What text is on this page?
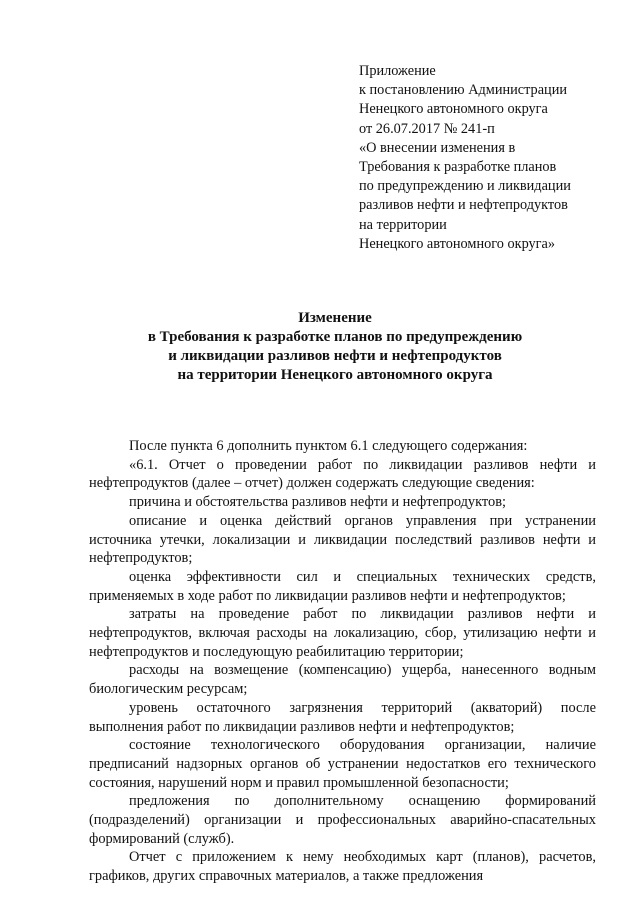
Приложение
к постановлению Администрации
Ненецкого автономного округа
от 26.07.2017 № 241-п
«О внесении изменения в
Требования к разработке планов
по предупреждению и ликвидации
разливов нефти и нефтепродуктов
на территории
Ненецкого автономного округа»
Изменение
в Требования к разработке планов по предупреждению
и ликвидации разливов нефти и нефтепродуктов
на территории Ненецкого автономного округа

После пункта 6 дополнить пунктом 6.1 следующего содержания:

«6.1. Отчет о проведении работ по ликвидации разливов нефти и нефтепродуктов (далее – отчет) должен содержать следующие сведения:

причина и обстоятельства разливов нефти и нефтепродуктов;

описание и оценка действий органов управления при устранении источника утечки, локализации и ликвидации последствий разливов нефти и нефтепродуктов;

оценка эффективности сил и специальных технических средств, применяемых в ходе работ по ликвидации разливов нефти и нефтепродуктов;

затраты на проведение работ по ликвидации разливов нефти и нефтепродуктов, включая расходы на локализацию, сбор, утилизацию нефти и нефтепродуктов и последующую реабилитацию территории;

расходы на возмещение (компенсацию) ущерба, нанесенного водным биологическим ресурсам;

уровень остаточного загрязнения территорий (акваторий) после выполнения работ по ликвидации разливов нефти и нефтепродуктов;

состояние технологического оборудования организации, наличие предписаний надзорных органов об устранении недостатков его технического состояния, нарушений норм и правил промышленной безопасности;

предложения по дополнительному оснащению формирований (подразделений) организации и профессиональных аварийно-спасательных формирований (служб).

Отчет с приложением к нему необходимых карт (планов), расчетов, графиков, других справочных материалов, а также предложения
